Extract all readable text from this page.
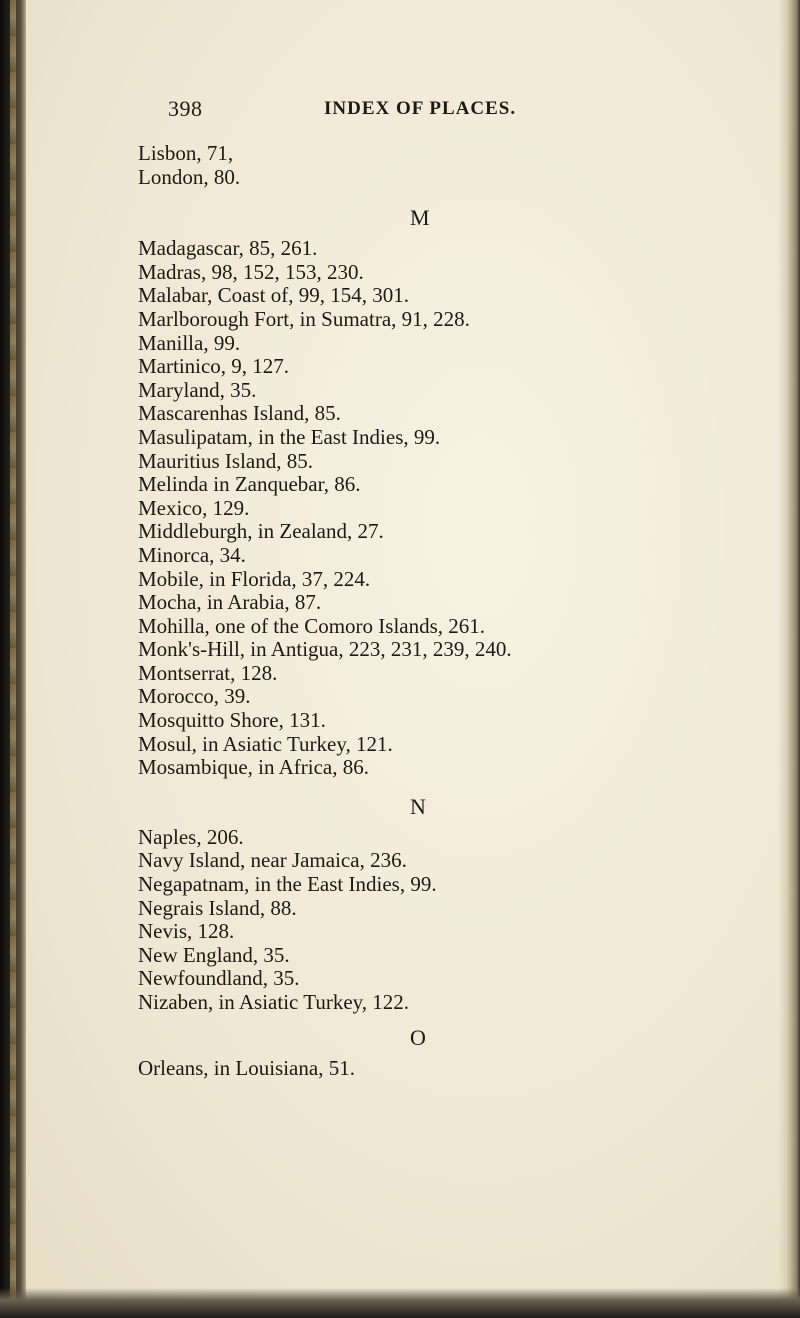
398	INDEX OF PLACES.
Lisbon, 71,
London, 80.
M
Madagascar, 85, 261.
Madras, 98, 152, 153, 230.
Malabar, Coast of, 99, 154, 301.
Marlborough Fort, in Sumatra, 91, 228.
Manilla, 99.
Martinico, 9, 127.
Maryland, 35.
Mascarenhas Island, 85.
Masulipatam, in the East Indies, 99.
Mauritius Island, 85.
Melinda in Zanquebar, 86.
Mexico, 129.
Middleburgh, in Zealand, 27.
Minorca, 34.
Mobile, in Florida, 37, 224.
Mocha, in Arabia, 87.
Mohilla, one of the Comoro Islands, 261.
Monk's-Hill, in Antigua, 223, 231, 239, 240.
Montserrat, 128.
Morocco, 39.
Mosquitto Shore, 131.
Mosul, in Asiatic Turkey, 121.
Mosambique, in Africa, 86.
N
Naples, 206.
Navy Island, near Jamaica, 236.
Negapatnam, in the East Indies, 99.
Negrais Island, 88.
Nevis, 128.
New England, 35.
Newfoundland, 35.
Nizaben, in Asiatic Turkey, 122.
O
Orleans, in Louisiana, 51.
